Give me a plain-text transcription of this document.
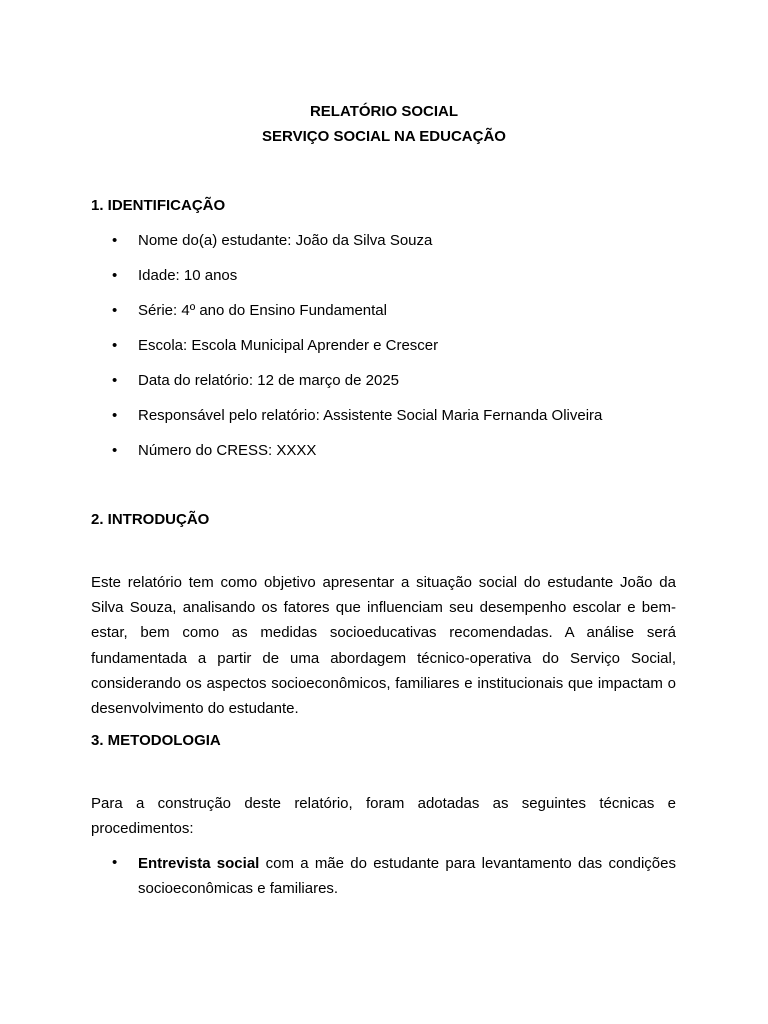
RELATÓRIO SOCIAL
SERVIÇO SOCIAL NA EDUCAÇÃO
1. IDENTIFICAÇÃO
• Nome do(a) estudante: João da Silva Souza
• Idade: 10 anos
• Série: 4º ano do Ensino Fundamental
• Escola: Escola Municipal Aprender e Crescer
• Data do relatório: 12 de março de 2025
• Responsável pelo relatório: Assistente Social Maria Fernanda Oliveira
• Número do CRESS: XXXX
2. INTRODUÇÃO

Este relatório tem como objetivo apresentar a situação social do estudante João da Silva Souza, analisando os fatores que influenciam seu desempenho escolar e bem-estar, bem como as medidas socioeducativas recomendadas. A análise será fundamentada a partir de uma abordagem técnico-operativa do Serviço Social, considerando os aspectos socioeconômicos, familiares e institucionais que impactam o desenvolvimento do estudante.

3. METODOLOGIA

Para a construção deste relatório, foram adotadas as seguintes técnicas e procedimentos:

• Entrevista social com a mãe do estudante para levantamento das condições socioeconômicas e familiares.
